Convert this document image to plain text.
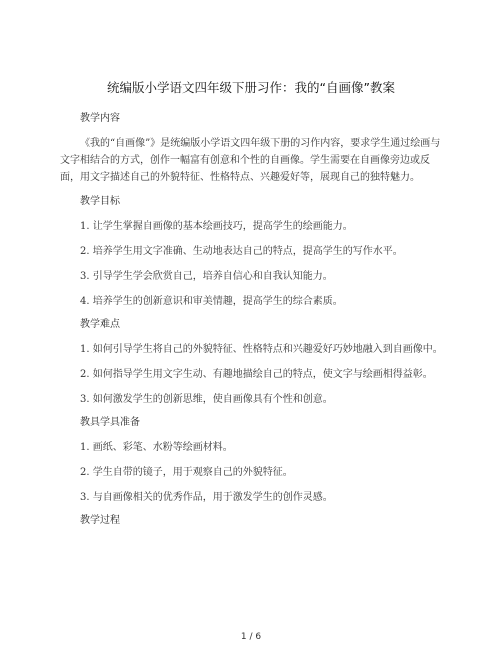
统编版小学语文四年级下册习作：我的“自画像”教案
教学内容
《我的“自画像”》是统编版小学语文四年级下册的习作内容，要求学生通过绘画与文字相结合的方式，创作一幅富有创意和个性的自画像。学生需要在自画像旁边或反面，用文字描述自己的外貌特征、性格特点、兴趣爱好等，展现自己的独特魅力。
教学目标
1. 让学生掌握自画像的基本绘画技巧，提高学生的绘画能力。
2. 培养学生用文字准确、生动地表达自己的特点，提高学生的写作水平。
3. 引导学生学会欣赏自己，培养自信心和自我认知能力。
4. 培养学生的创新意识和审美情趣，提高学生的综合素质。
教学难点
1. 如何引导学生将自己的外貌特征、性格特点和兴趣爱好巧妙地融入到自画像中。
2. 如何指导学生用文字生动、有趣地描绘自己的特点，使文字与绘画相得益彰。
3. 如何激发学生的创新思维，使自画像具有个性和创意。
教具学具准备
1. 画纸、彩笔、水粉等绘画材料。
2. 学生自带的镜子，用于观察自己的外貌特征。
3. 与自画像相关的优秀作品，用于激发学生的创作灵感。
教学过程
1 / 6
